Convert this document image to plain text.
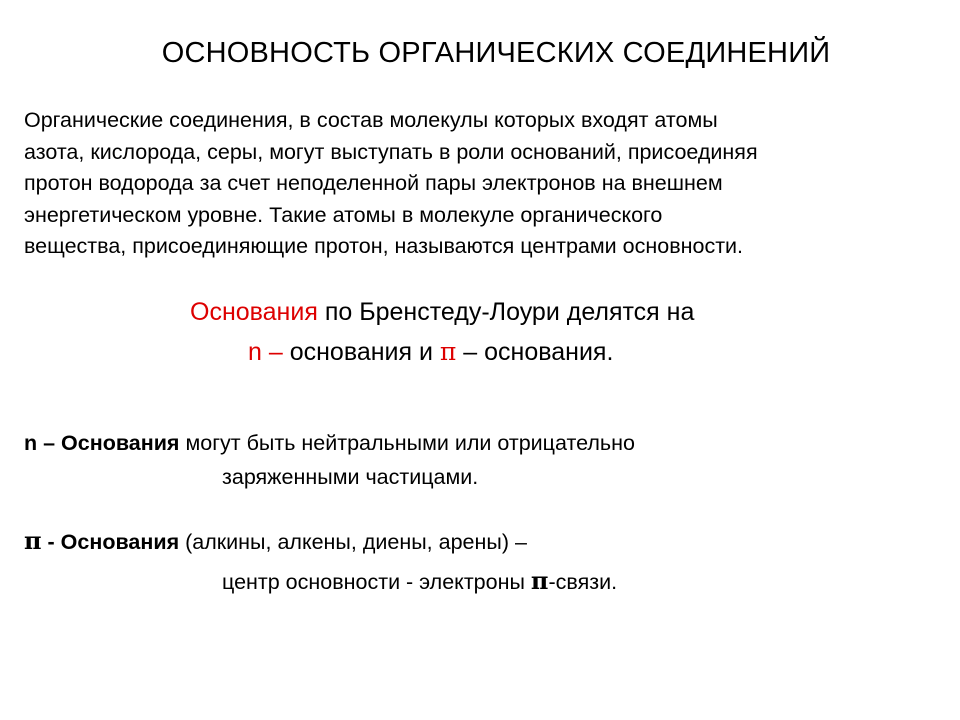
ОСНОВНОСТЬ ОРГАНИЧЕСКИХ СОЕДИНЕНИЙ
Органические соединения, в состав молекулы которых входят атомы
азота, кислорода, серы, могут выступать в роли оснований, присоединяя
протон водорода за счет неподеленной пары электронов на внешнем
энергетическом уровне. Такие атомы в молекуле органического
вещества, присоединяющие протон, называются центрами основности.
Основания по Бренстеду-Лоури делятся на
n – основания и π – основания.
n – Основания могут быть нейтральными или отрицательно
заряженными частицами.
π - Основания (алкины, алкены, диены, арены) –
центр основности - электроны π-связи.
